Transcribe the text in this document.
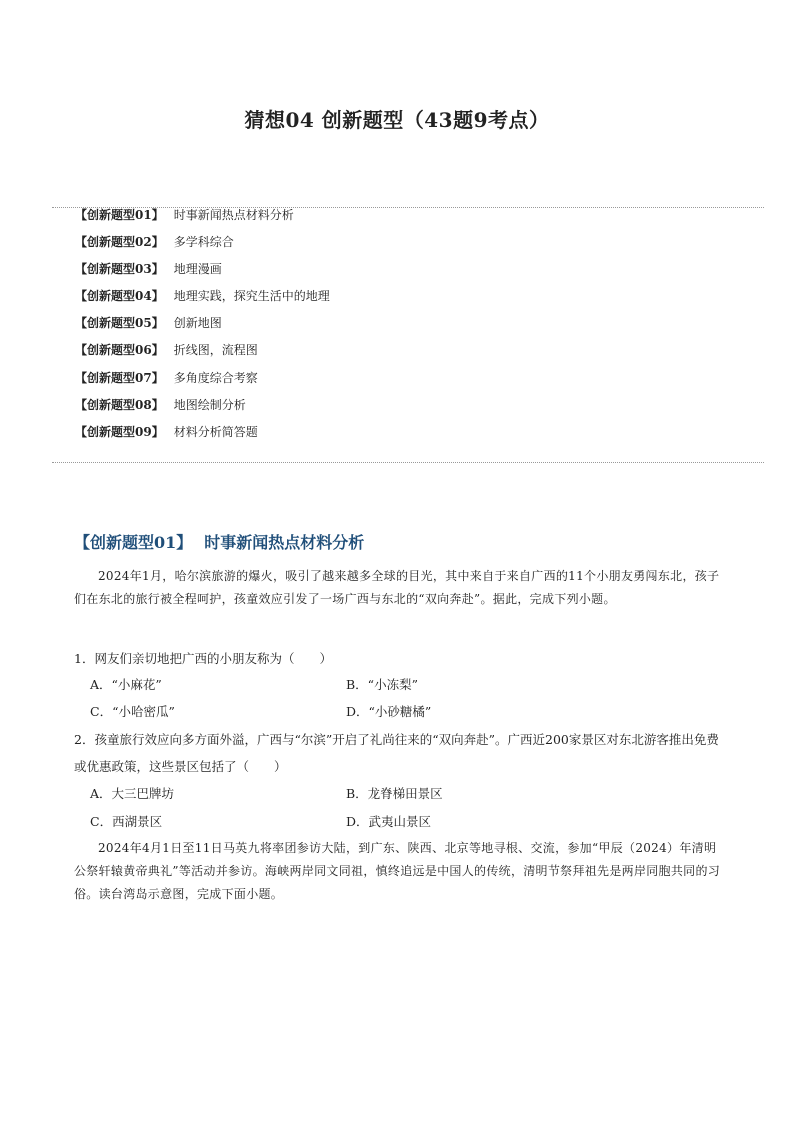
猜想04 创新题型（43题9考点）
【创新题型01】 时事新闻热点材料分析
【创新题型02】 多学科综合
【创新题型03】 地理漫画
【创新题型04】 地理实践，探究生活中的地理
【创新题型05】 创新地图
【创新题型06】 折线图，流程图
【创新题型07】 多角度综合考察
【创新题型08】 地图绘制分析
【创新题型09】 材料分析简答题
【创新题型01】 时事新闻热点材料分析

2024年1月，哈尔滨旅游的爆火，吸引了越来越多全球的目光，其中来自于来自广西的11个小朋友勇闯东北，孩子们在东北的旅行被全程呵护，孩童效应引发了一场广西与东北的“双向奔赴”。据此，完成下列小题。

1．网友们亲切地把广西的小朋友称为（　　）

A．“小麻花”	B．“小冻梨”
C．“小哈密瓜”	D．“小砂糖橘”

2．孩童旅行效应向多方面外溢，广西与“尔滨”开启了礼尚往来的“双向奔赴”。广西近200家景区对东北游客推出免费或优惠政策，这些景区包括了（　　）

A．大三巴牌坊	B．龙脊梯田景区
C．西湖景区	D．武夷山景区

2024年4月1日至11日马英九将率团参访大陆，到广东、陕西、北京等地寻根、交流，参加“甲辰（2024）年清明公祭轩辕黄帝典礼”等活动并参访。海峡两岸同文同祖，慎终追远是中国人的传统，清明节祭拜祖先是两岸同胞共同的习俗。读台湾岛示意图，完成下面小题。
